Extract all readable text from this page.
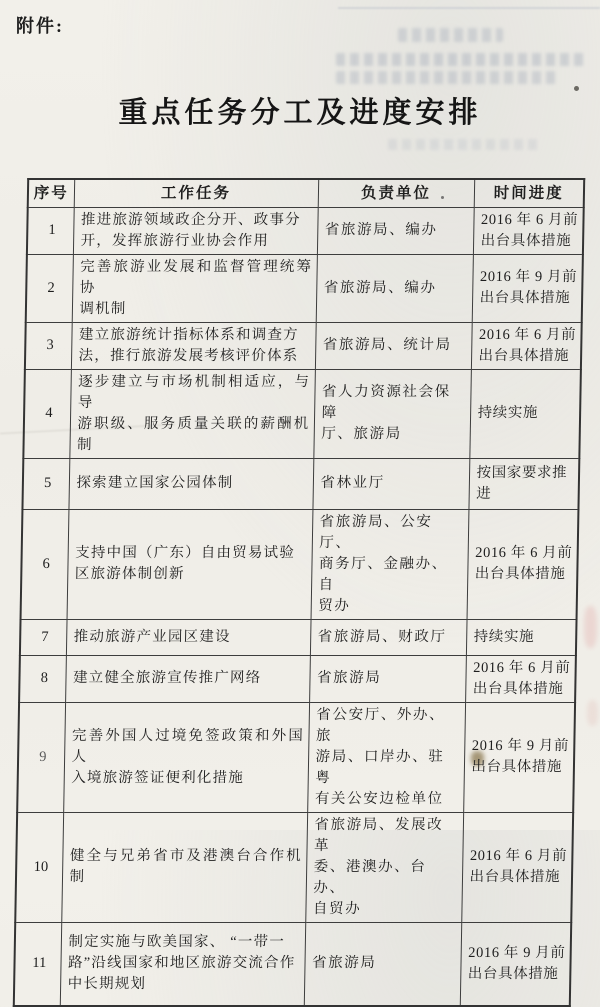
附件:
重点任务分工及进度安排
序号	工作任务	负责单位	时间进度
1	推进旅游领域政企分开、政事分
开，发挥旅游行业协会作用	省旅游局、编办	2016 年 6 月前
出台具体措施
2	完善旅游业发展和监督管理统筹协
调机制	省旅游局、编办	2016 年 9 月前
出台具体措施
3	建立旅游统计指标体系和调查方
法，推行旅游发展考核评价体系	省旅游局、统计局	2016 年 6 月前
出台具体措施
4	逐步建立与市场机制相适应，与导
游职级、服务质量关联的薪酬机制	省人力资源社会保障
厅、旅游局	持续实施
5	探索建立国家公园体制	省林业厅	按国家要求推
进
6	支持中国（广东）自由贸易试验
区旅游体制创新	省旅游局、公安厅、
商务厅、金融办、自
贸办	2016 年 6 月前
出台具体措施
7	推动旅游产业园区建设	省旅游局、财政厅	持续实施
8	建立健全旅游宣传推广网络	省旅游局	2016 年 6 月前
出台具体措施
9	完善外国人过境免签政策和外国人
入境旅游签证便利化措施	省公安厅、外办、旅
游局、口岸办、驻粤
有关公安边检单位	2016 年 9 月前
出台具体措施
10	健全与兄弟省市及港澳台合作机制	省旅游局、发展改革
委、港澳办、台办、
自贸办	2016 年 6 月前
出台具体措施
11	制定实施与欧美国家、 “一带一
路”沿线国家和地区旅游交流合作
中长期规划	省旅游局	2016 年 9 月前
出台具体措施
